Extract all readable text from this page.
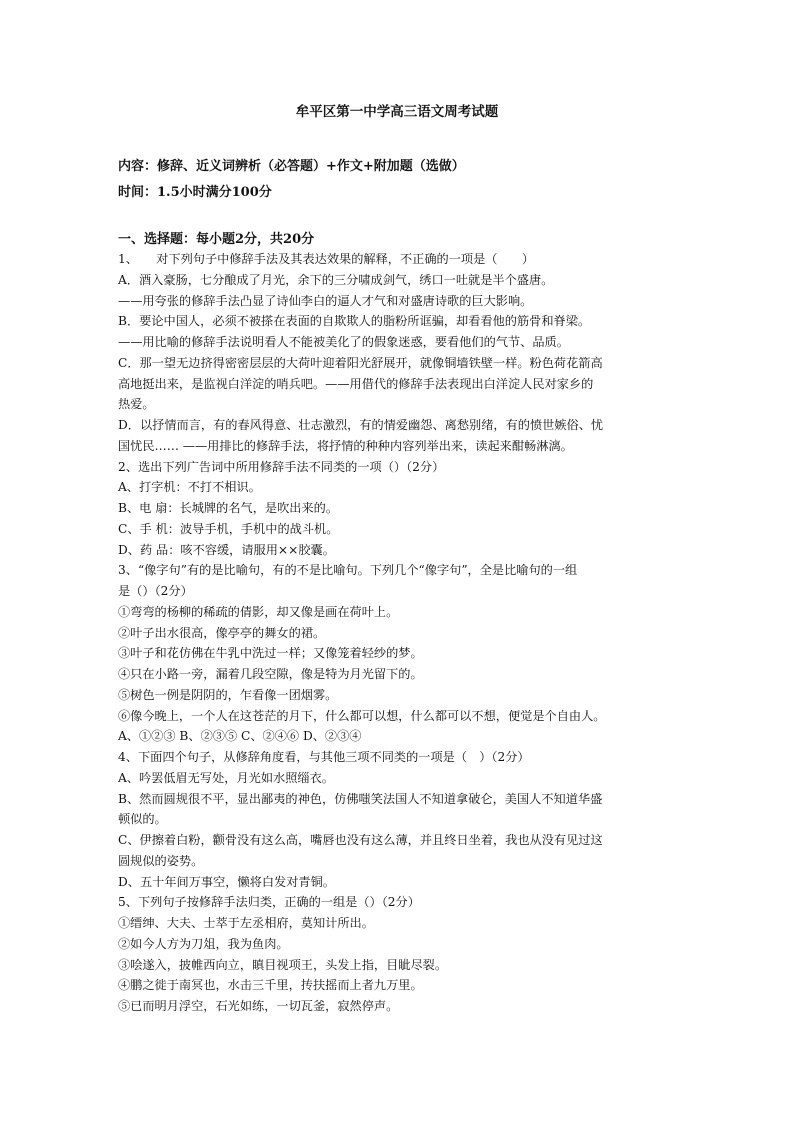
牟平区第一中学高三语文周考试题
内容：修辞、近义词辨析（必答题）+作文+附加题（选做）
时间：1.5小时满分100分
一、选择题：每小题2分，共20分
1、　　对下列句子中修辞手法及其表达效果的解释，不正确的一项是（　　）
A．酒入豪肠，七分酿成了月光，余下的三分啸成剑气，绣口一吐就是半个盛唐。
——用夸张的修辞手法凸显了诗仙李白的逼人才气和对盛唐诗歌的巨大影响。
B．要论中国人，必须不被搽在表面的自欺欺人的脂粉所诓骗，却看看他的筋骨和脊梁。
——用比喻的修辞手法说明看人不能被美化了的假象迷惑，要看他们的气节、品质。
C．那一望无边挤得密密层层的大荷叶迎着阳光舒展开，就像铜墙铁壁一样。粉色荷花箭高
高地挺出来，是监视白洋淀的哨兵吧。——用借代的修辞手法表现出白洋淀人民对家乡的
热爱。
D．以抒情而言，有的春风得意、壮志激烈，有的情爱幽怨、离愁别绪，有的愤世嫉俗、忧
国忧民…… ——用排比的修辞手法，将抒情的种种内容列举出来，读起来酣畅淋漓。
2、选出下列广告词中所用修辞手法不同类的一项（）（2分）
A、打字机：不打不相识。
B、电 扇：长城牌的名气，是吹出来的。
C、手 机：波导手机，手机中的战斗机。
D、药 品：咳不容缓，请服用××胶囊。
3、“像字句”有的是比喻句，有的不是比喻句。下列几个“像字句”，全是比喻句的一组
是（）（2分）
①弯弯的杨柳的稀疏的倩影，却又像是画在荷叶上。
②叶子出水很高，像亭亭的舞女的裙。
③叶子和花仿佛在牛乳中洗过一样；又像笼着轻纱的梦。
④只在小路一旁，漏着几段空隙，像是特为月光留下的。
⑤树色一例是阴阴的，乍看像一团烟雾。
⑥像今晚上，一个人在这苍茫的月下，什么都可以想，什么都可以不想，便觉是个自由人。
A、①②③ B、②③⑤ C、②④⑥ D、②③④
4、下面四个句子，从修辞角度看，与其他三项不同类的一项是（　）（2分）
A、吟罢低眉无写处，月光如水照缁衣。
B、然而圆规很不平，显出鄙夷的神色，仿佛嗤笑法国人不知道拿破仑，美国人不知道华盛
顿似的。
C、伊擦着白粉，颧骨没有这么高，嘴唇也没有这么薄，并且终日坐着，我也从没有见过这
圆规似的姿势。
D、五十年间万事空，懒将白发对青铜。
5、下列句子按修辞手法归类，正确的一组是（）（2分）
①缙绅、大夫、士萃于左丞相府，莫知计所出。
②如今人方为刀俎，我为鱼肉。
③哙遂入，披帷西向立，瞋目视项王，头发上指，目眦尽裂。
④鹏之徙于南冥也，水击三千里，抟扶摇而上者九万里。
⑤已而明月浮空，石光如练，一切瓦釜，寂然停声。
